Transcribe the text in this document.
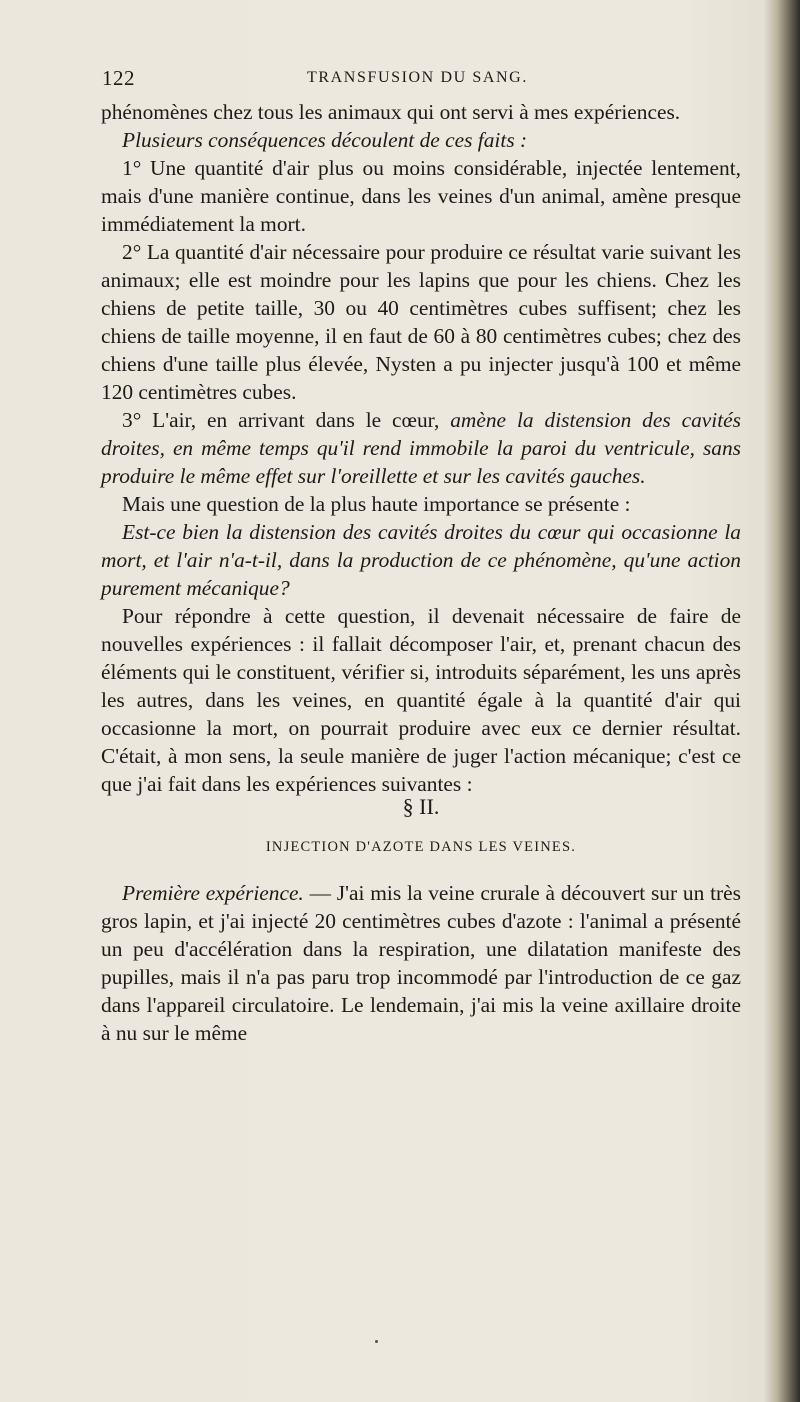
122	TRANSFUSION DU SANG.

phénomènes chez tous les animaux qui ont servi à mes expériences.

Plusieurs conséquences découlent de ces faits :

1° Une quantité d'air plus ou moins considérable, injectée lentement, mais d'une manière continue, dans les veines d'un animal, amène presque immédiatement la mort.

2° La quantité d'air nécessaire pour produire ce résultat varie suivant les animaux; elle est moindre pour les lapins que pour les chiens. Chez les chiens de petite taille, 30 ou 40 centimètres cubes suffisent; chez les chiens de taille moyenne, il en faut de 60 à 80 centimètres cubes; chez des chiens d'une taille plus élevée, Nysten a pu injecter jusqu'à 100 et même 120 centimètres cubes.

3° L'air, en arrivant dans le cœur, amène la distension des cavités droites, en même temps qu'il rend immobile la paroi du ventricule, sans produire le même effet sur l'oreillette et sur les cavités gauches.

Mais une question de la plus haute importance se présente :

Est-ce bien la distension des cavités droites du cœur qui occasionne la mort, et l'air n'a-t-il, dans la production de ce phénomène, qu'une action purement mécanique?

Pour répondre à cette question, il devenait nécessaire de faire de nouvelles expériences : il fallait décomposer l'air, et, prenant chacun des éléments qui le constituent, vérifier si, introduits séparément, les uns après les autres, dans les veines, en quantité égale à la quantité d'air qui occasionne la mort, on pourrait produire avec eux ce dernier résultat. C'était, à mon sens, la seule manière de juger l'action mécanique; c'est ce que j'ai fait dans les expériences suivantes :

§ II.
INJECTION D'AZOTE DANS LES VEINES.

Première expérience. — J'ai mis la veine crurale à découvert sur un très gros lapin, et j'ai injecté 20 centimètres cubes d'azote : l'animal a présenté un peu d'accélération dans la respiration, une dilatation manifeste des pupilles, mais il n'a pas paru trop incommodé par l'introduction de ce gaz dans l'appareil circulatoire. Le lendemain, j'ai mis la veine axillaire droite à nu sur le même
